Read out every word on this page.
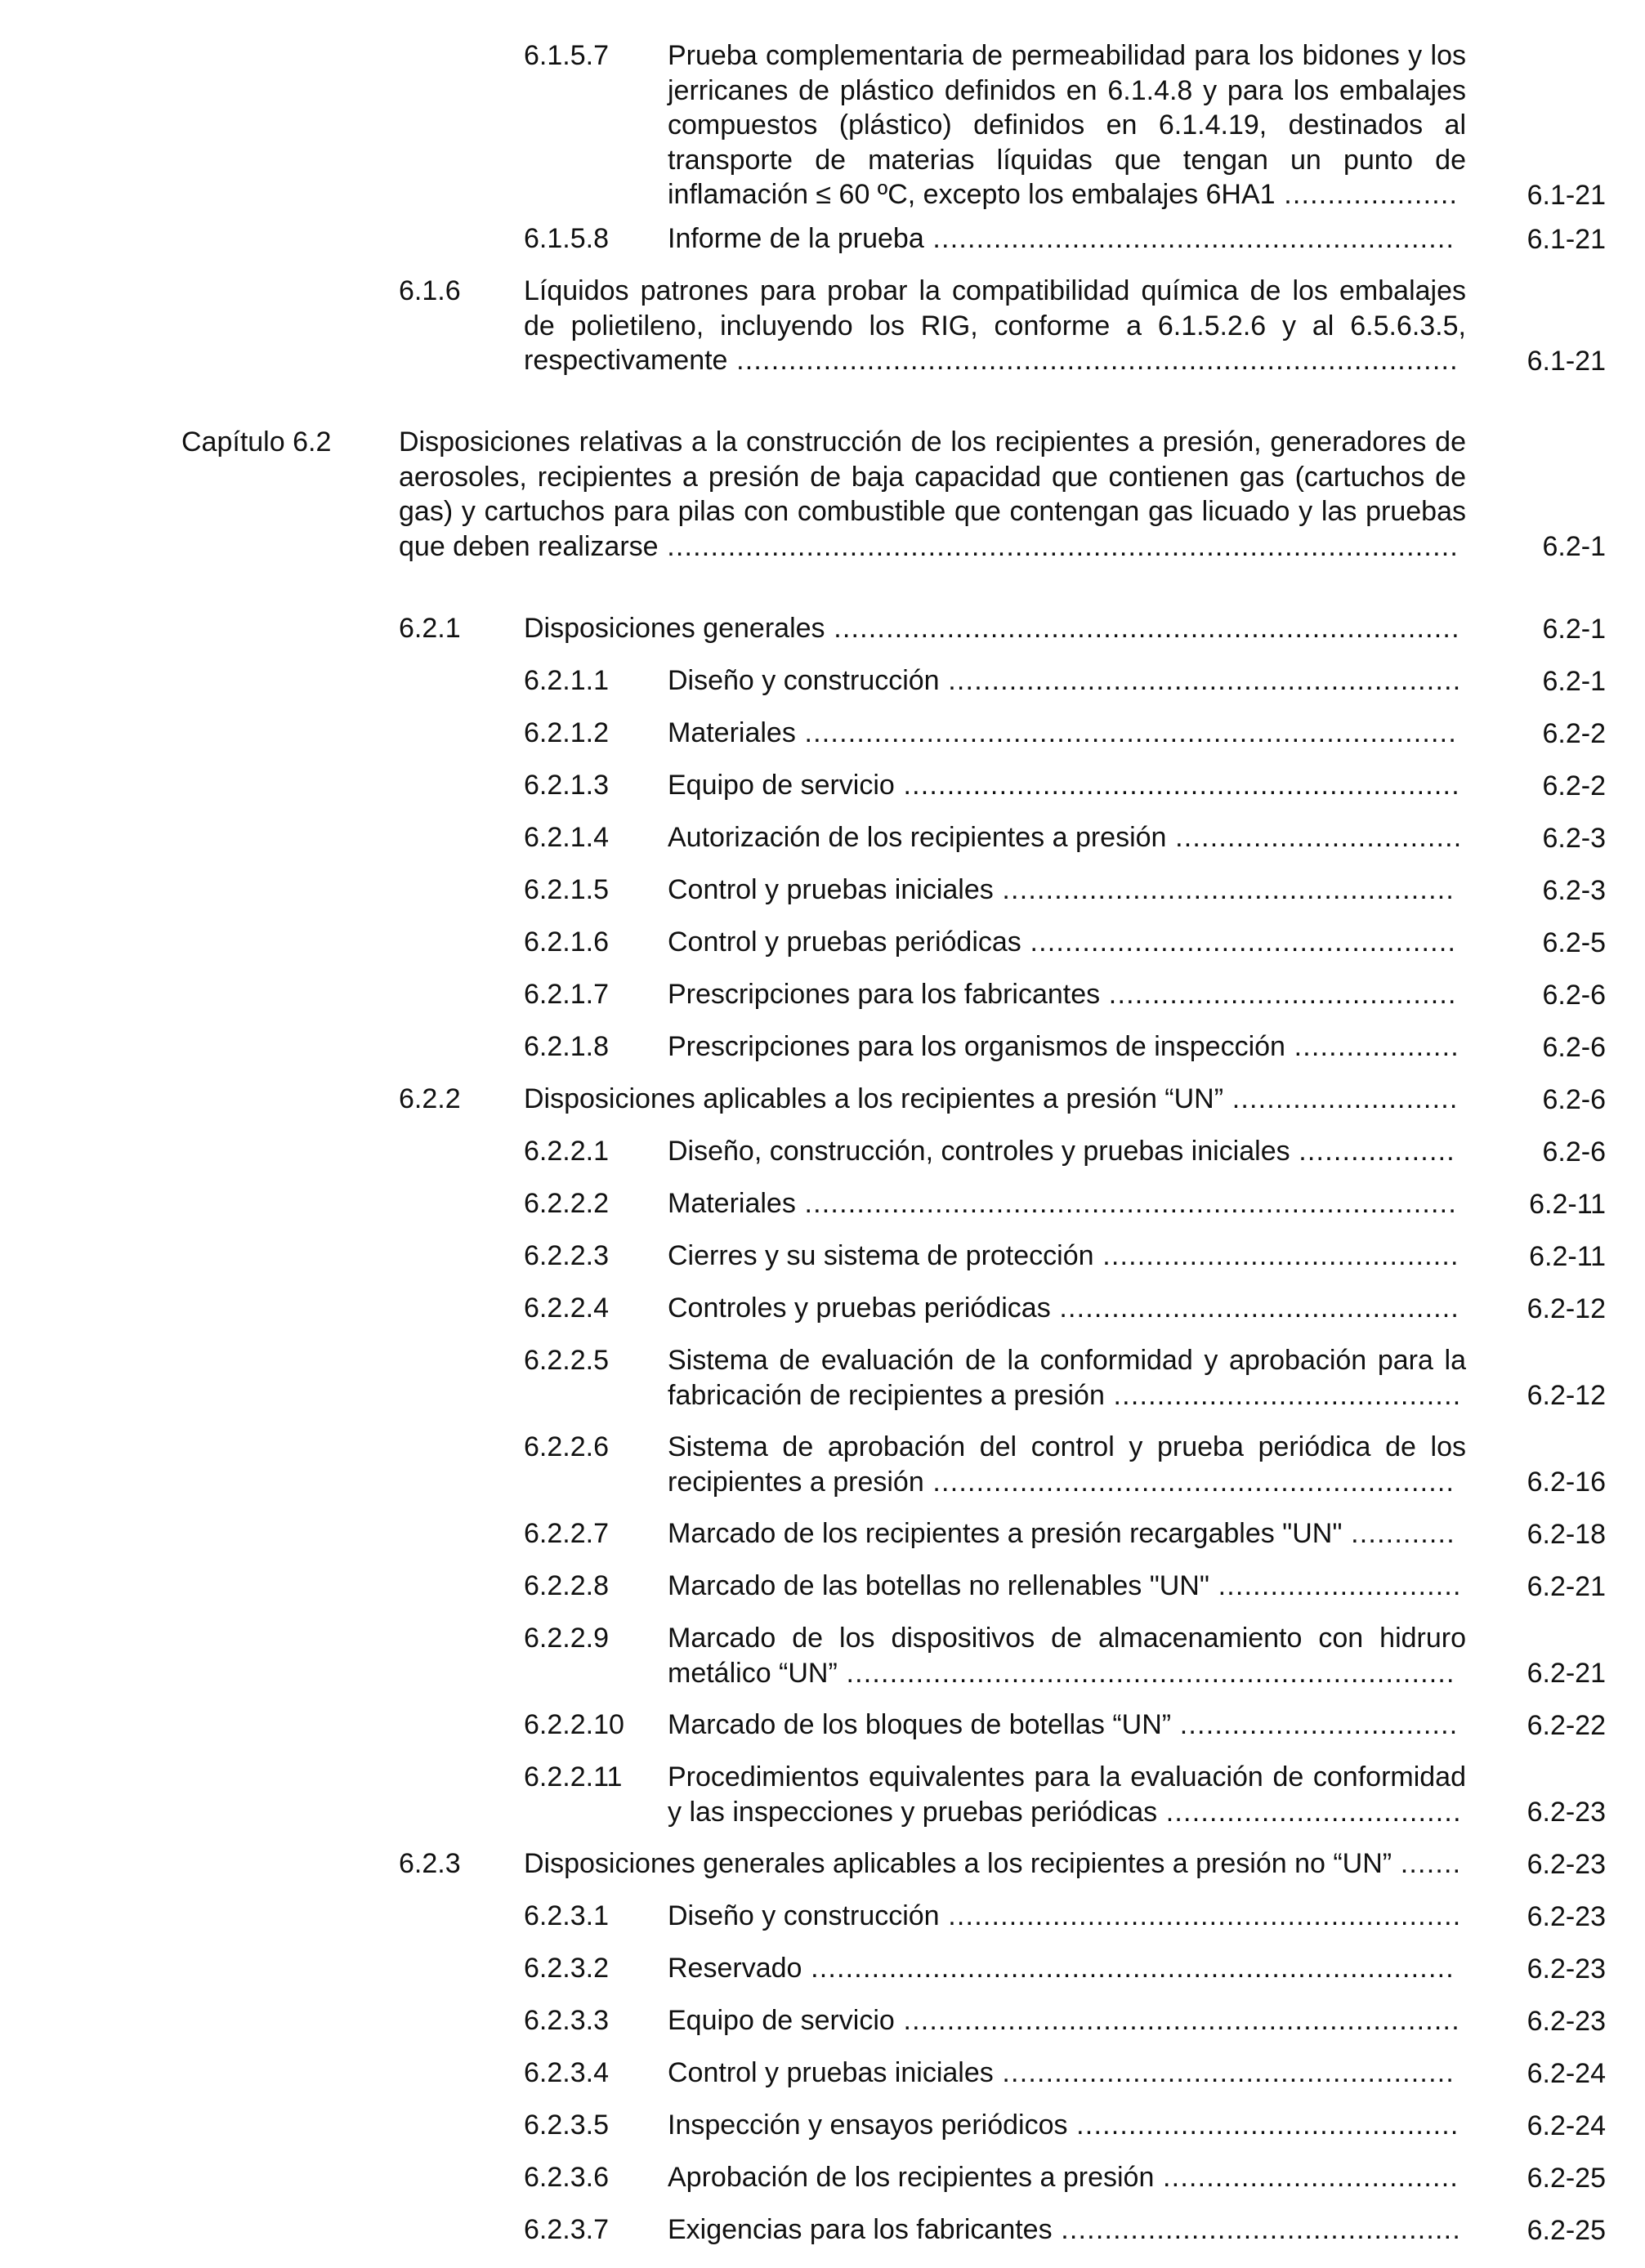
6.1.5.7 Prueba complementaria de permeabilidad para los bidones y los jerricanes de plástico definidos en 6.1.4.8 y para los embalajes compuestos (plástico) definidos en 6.1.4.19, destinados al transporte de materias líquidas que tengan un punto de inflamación ≤ 60 ºC, excepto los embalajes 6HA1 .................... 6.1-21
6.1.5.8 Informe de la prueba ............................................................	6.1-21
6.1.6 Líquidos patrones para probar la compatibilidad química de los embalajes de polietileno, incluyendo los RIG, conforme a 6.1.5.2.6 y al 6.5.6.3.5, respectivamente ................................................................................... 6.1-21
Capítulo 6.2 Disposiciones relativas a la construcción de los recipientes a presión, generadores de aerosoles, recipientes a presión de baja capacidad que contienen gas (cartuchos de gas) y cartuchos para pilas con combustible que contengan gas licuado y las pruebas que deben realizarse ...........................................................................................	6.2-1
6.2.1 Disposiciones generales ........................................................................	6.2-1
6.2.1.1 Diseño y construcción ...........................................................	6.2-1
6.2.1.2 Materiales ...........................................................................	6.2-2
6.2.1.3 Equipo de servicio ................................................................	6.2-2
6.2.1.4 Autorización de los recipientes a presión .................................	6.2-3
6.2.1.5 Control y pruebas iniciales ....................................................	6.2-3
6.2.1.6 Control y pruebas periódicas .................................................	6.2-5
6.2.1.7 Prescripciones para los fabricantes ........................................	6.2-6
6.2.1.8 Prescripciones para los organismos de inspección ...................	6.2-6
6.2.2 Disposiciones aplicables a los recipientes a presión “UN” ..........................	6.2-6
6.2.2.1 Diseño, construcción, controles y pruebas iniciales ..................	6.2-6
6.2.2.2 Materiales ...........................................................................	6.2-11
6.2.2.3 Cierres y su sistema de protección .........................................	6.2-11
6.2.2.4 Controles y pruebas periódicas .............................................. 6.2-12
6.2.2.5 Sistema de evaluación de la conformidad y aprobación para la fabricación de recipientes a presión ........................................ 6.2-12
6.2.2.6 Sistema de aprobación del control y prueba periódica de los recipientes a presión ............................................................	6.2-16
6.2.2.7 Marcado de los recipientes a presión recargables "UN" ............	6.2-18
6.2.2.8 Marcado de las botellas no rellenables "UN" ............................ 6.2-21
6.2.2.9 Marcado de los dispositivos de almacenamiento con hidruro metálico “UN” ......................................................................	6.2-21
6.2.2.10 Marcado de los bloques de botellas “UN” ................................ 6.2-22
6.2.2.11 Procedimientos equivalentes para la evaluación de conformidad y las inspecciones y pruebas periódicas .................................. 6.2-23
6.2.3 Disposiciones generales aplicables a los recipientes a presión no “UN” ....... 6.2-23
6.2.3.1 Diseño y construcción ........................................................... 6.2-23
6.2.3.2 Reservado ..........................................................................	6.2-23
6.2.3.3 Equipo de servicio ................................................................ 6.2-23
6.2.3.4 Control y pruebas iniciales ....................................................	6.2-24
6.2.3.5 Inspección y ensayos periódicos ............................................ 6.2-24
6.2.3.6 Aprobación de los recipientes a presión .................................. 6.2-25
6.2.3.7 Exigencias para los fabricantes .............................................. 6.2-25
